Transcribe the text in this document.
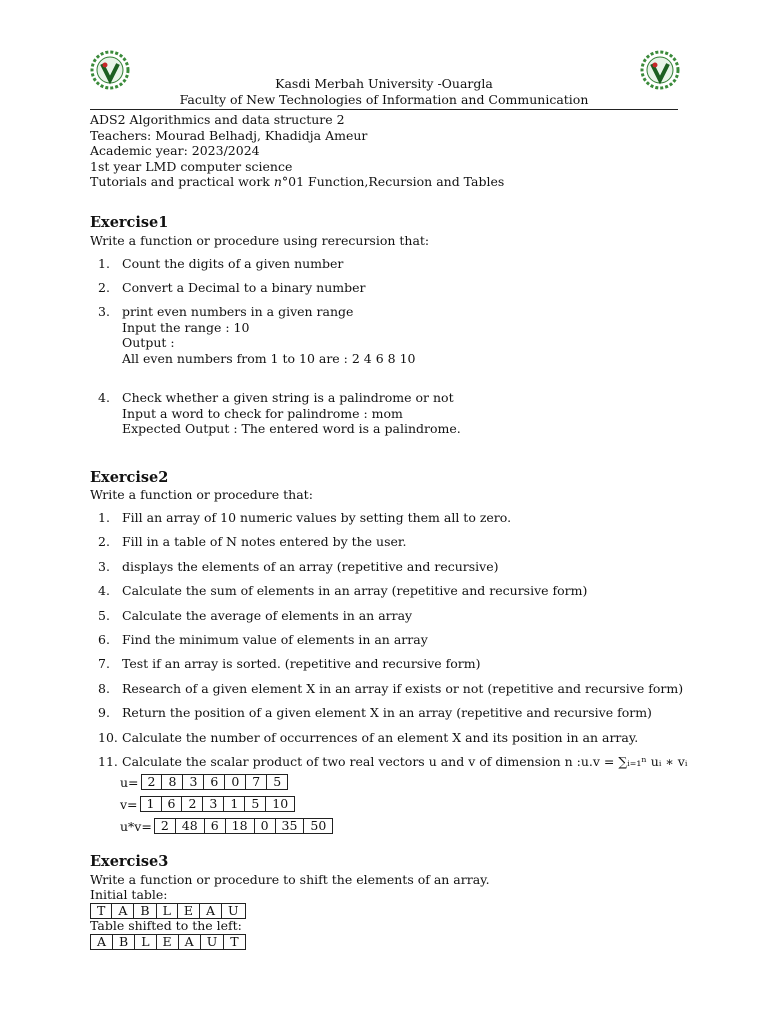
Kasdi Merbah University -Ouargla
Faculty of New Technologies of Information and Communication
ADS2 Algorithmics and data structure 2
Teachers: Mourad Belhadj, Khadidja Ameur
Academic year: 2023/2024
1st year LMD computer science
Tutorials and practical work n°01 Function,Recursion and Tables
Exercise1
Write a function or procedure using rerecursion that:
1. Count the digits of a given number
2. Convert a Decimal to a binary number
3. print even numbers in a given range
Input the range : 10
Output :
All even numbers from 1 to 10 are : 2 4 6 8 10
4. Check whether a given string is a palindrome or not
Input a word to check for palindrome : mom
Expected Output : The entered word is a palindrome.
Exercise2
Write a function or procedure that:
1. Fill an array of 10 numeric values by setting them all to zero.
2. Fill in a table of N notes entered by the user.
3. displays the elements of an array (repetitive and recursive)
4. Calculate the sum of elements in an array (repetitive and recursive form)
5. Calculate the average of elements in an array
6. Find the minimum value of elements in an array
7. Test if an array is sorted. (repetitive and recursive form)
8. Research of a given element X in an array if exists or not (repetitive and recursive form)
9. Return the position of a given element X in an array (repetitive and recursive form)
10. Calculate the number of occurrences of an element X and its position in an array.
11. Calculate the scalar product of two real vectors u and v of dimension n :u.v = ∑ᵢ₌₁ⁿ uᵢ ∗ vᵢ
u= 2	8	3	6	0	7	5
v= 1	6	2	3	1	5	10
u*v= 2	48	6	18	0	35	50
Exercise3
Write a function or procedure to shift the elements of an array.
Initial table:
T	A	B	L	E	A	U
Table shifted to the left:
A	B	L	E	A	U	T
